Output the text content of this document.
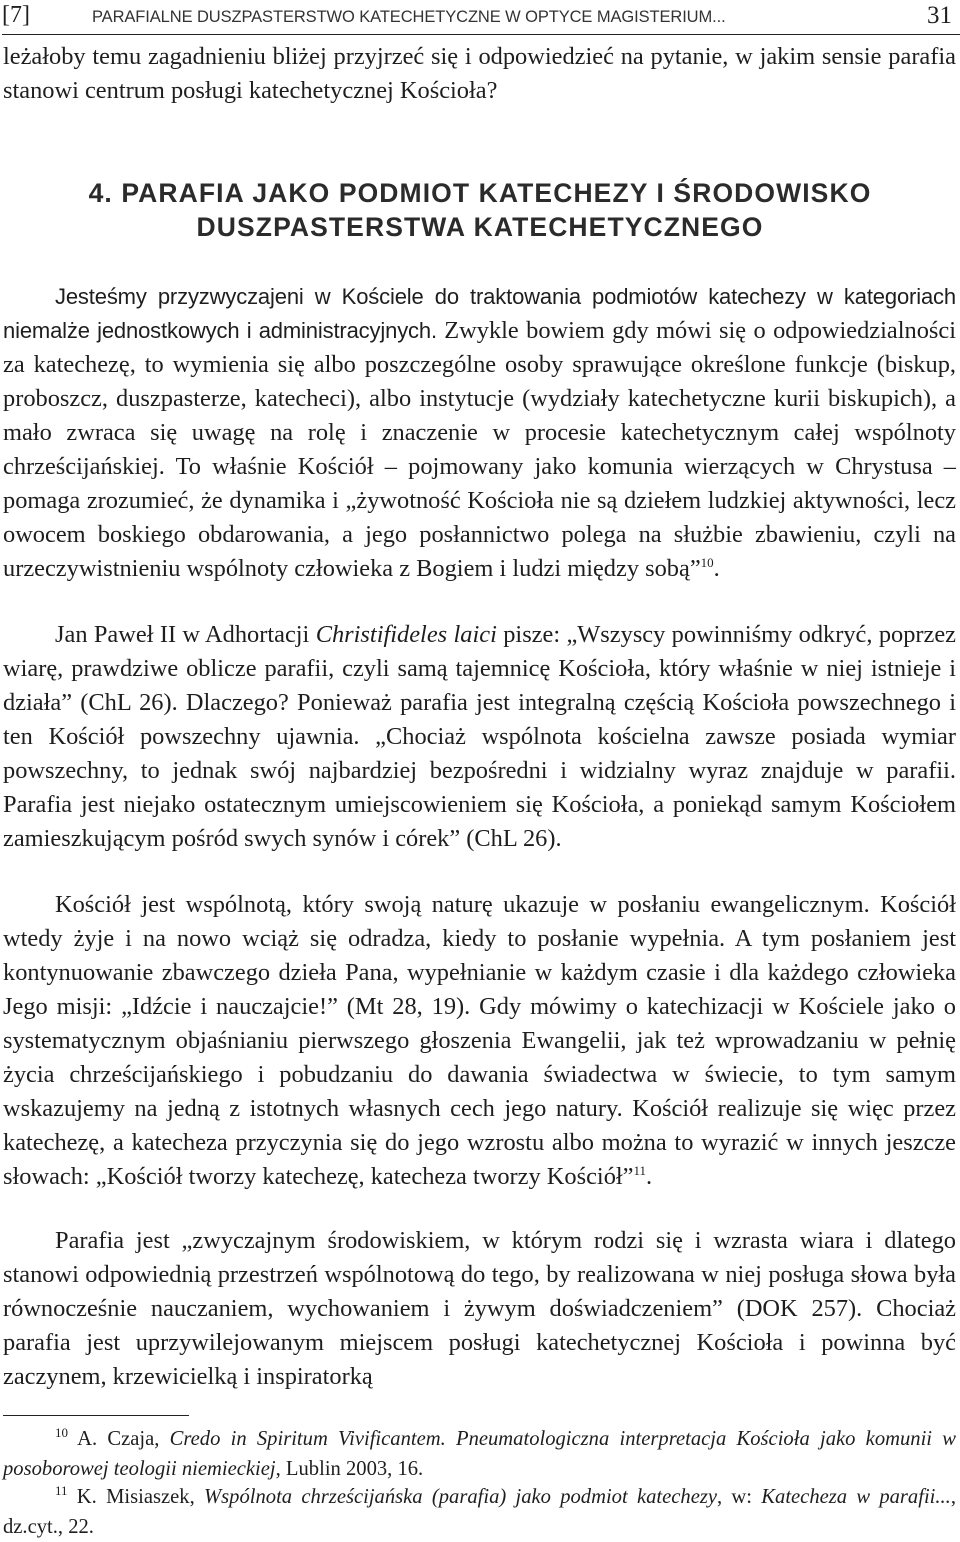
[7]	PARAFIALNE DUSZPASTERSTWO KATECHETYCZNE W OPTYCE MAGISTERIUM...	31
leżałoby temu zagadnieniu bliżej przyjrzeć się i odpowiedzieć na pytanie, w jakim sensie parafia stanowi centrum posługi katechetycznej Kościoła?
4. PARAFIA JAKO PODMIOT KATECHEZY I ŚRODOWISKO
DUSZPASTERSTWA KATECHETYCZNEGO
Jesteśmy przyzwyczajeni w Kościele do traktowania podmiotów katechezy w kategoriach niemalże jednostkowych i administracyjnych. Zwykle bowiem gdy mówi się o odpowiedzialności za katechezę, to wymienia się albo poszczególne osoby sprawujące określone funkcje (biskup, proboszcz, duszpasterze, katecheci), albo instytucje (wydziały katechetyczne kurii biskupich), a mało zwraca się uwagę na rolę i znaczenie w procesie katechetycznym całej wspólnoty chrześcijańskiej. To właśnie Kościół – pojmowany jako komunia wierzących w Chrystusa – pomaga zrozumieć, że dynamika i „żywotność Kościoła nie są dziełem ludzkiej aktywności, lecz owocem boskiego obdarowania, a jego posłannictwo polega na służbie zbawieniu, czyli na urzeczywistnieniu wspólnoty człowieka z Bogiem i ludzi między sobą”$^{10}$.
Jan Paweł II w Adhortacji Christifideles laici pisze: „Wszyscy powinniśmy odkryć, poprzez wiarę, prawdziwe oblicze parafii, czyli samą tajemnicę Kościoła, który właśnie w niej istnieje i działa” (ChL 26). Dlaczego? Ponieważ parafia jest integralną częścią Kościoła powszechnego i ten Kościół powszechny ujawnia. „Chociaż wspólnota kościelna zawsze posiada wymiar powszechny, to jednak swój najbardziej bezpośredni i widzialny wyraz znajduje w parafii. Parafia jest niejako ostatecznym umiejscowieniem się Kościoła, a poniekąd samym Kościołem zamieszkującym pośród swych synów i córek” (ChL 26).
Kościół jest wspólnotą, który swoją naturę ukazuje w posłaniu ewangelicznym. Kościół wtedy żyje i na nowo wciąż się odradza, kiedy to posłanie wypełnia. A tym posłaniem jest kontynuowanie zbawczego dzieła Pana, wypełnianie w każdym czasie i dla każdego człowieka Jego misji: „Idźcie i nauczajcie!” (Mt 28, 19). Gdy mówimy o katechizacji w Kościele jako o systematycznym objaśnianiu pierwszego głoszenia Ewangelii, jak też wprowadzaniu w pełnię życia chrześcijańskiego i pobudzaniu do dawania świadectwa w świecie, to tym samym wskazujemy na jedną z istotnych własnych cech jego natury. Kościół realizuje się więc przez katechezę, a katecheza przyczynia się do jego wzrostu albo można to wyrazić w innych jeszcze słowach: „Kościół tworzy katechezę, katecheza tworzy Kościół”$^{11}$.
Parafia jest „zwyczajnym środowiskiem, w którym rodzi się i wzrasta wiara i dlatego stanowi odpowiednią przestrzeń wspólnotową do tego, by realizowana w niej posługa słowa była równocześnie nauczaniem, wychowaniem i żywym doświadczeniem” (DOK 257). Chociaż parafia jest uprzywilejowanym miejscem posługi katechetycznej Kościoła i powinna być zaczynem, krzewicielką i inspiratorką
$^{10}$ A. Czaja, Credo in Spiritum Vivificantem. Pneumatologiczna interpretacja Kościoła jako komunii w posoborowej teologii niemieckiej, Lublin 2003, 16.
$^{11}$ K. Misiaszek, Wspólnota chrześcijańska (parafia) jako podmiot katechezy, w: Katecheza w parafii..., dz.cyt., 22.
